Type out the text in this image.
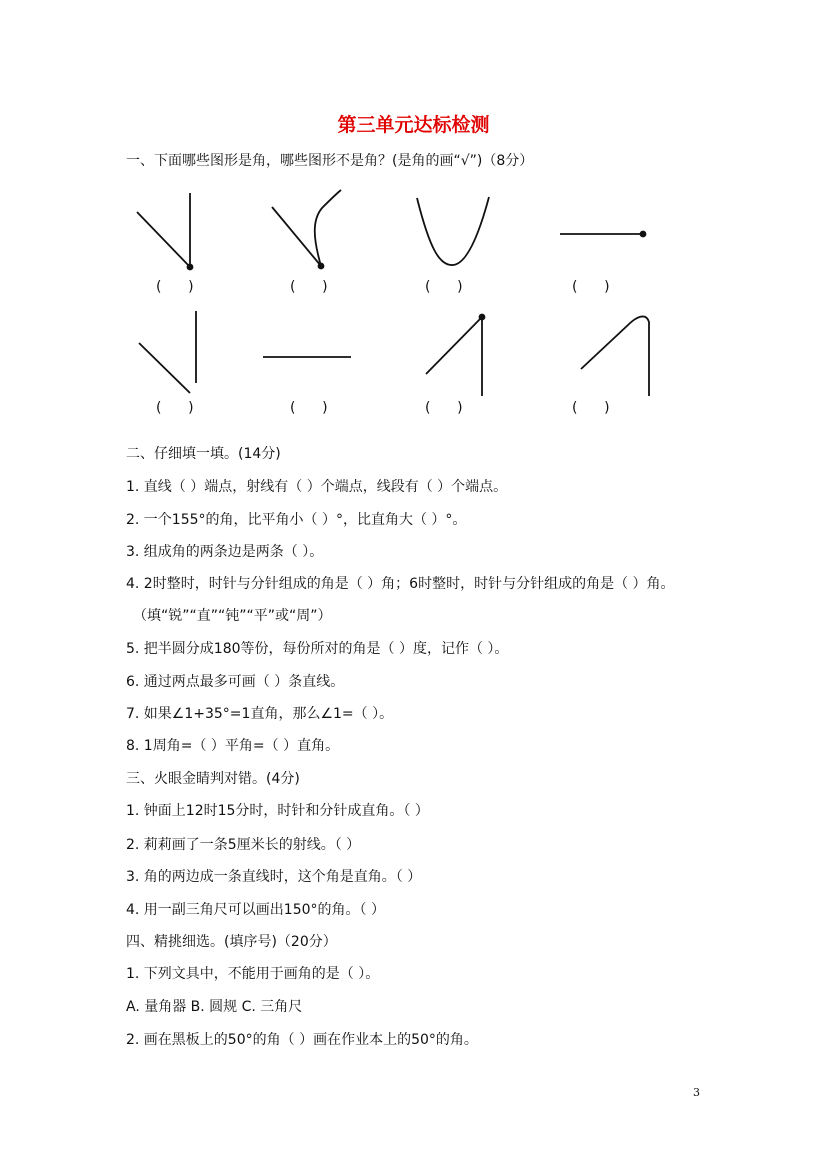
第三单元达标检测
一、下面哪些图形是角，哪些图形不是角？(是角的画“√”)（8分）
(      )	(      )	(      )	(      )
(      )	(      )	(      )	(      )
二、仔细填一填。(14分)
1. 直线（ ）端点，射线有（ ）个端点，线段有（ ）个端点。
2. 一个155°的角，比平角小（ ）°，比直角大（ ）°。
3. 组成角的两条边是两条（ ）。
4. 2时整时，时针与分针组成的角是（ ）角；6时整时，时针与分针组成的角是（ ）角。
（填“锐”“直”“钝”“平”或“周”）
5. 把半圆分成180等份，每份所对的角是（ ）度，记作（ ）。
6. 通过两点最多可画（ ）条直线。
7. 如果∠1+35°=1直角，那么∠1=（ ）。
8. 1周角=（ ）平角=（ ）直角。
三、火眼金睛判对错。(4分)
1. 钟面上12时15分时，时针和分针成直角。（ ）
2. 莉莉画了一条5厘米长的射线。（ ）
3. 角的两边成一条直线时，这个角是直角。（ ）
4. 用一副三角尺可以画出150°的角。（ ）
四、精挑细选。(填序号)（20分）
1. 下列文具中，不能用于画角的是（ ）。
A. 量角器 B. 圆规 C. 三角尺
2. 画在黑板上的50°的角（ ）画在作业本上的50°的角。
3
